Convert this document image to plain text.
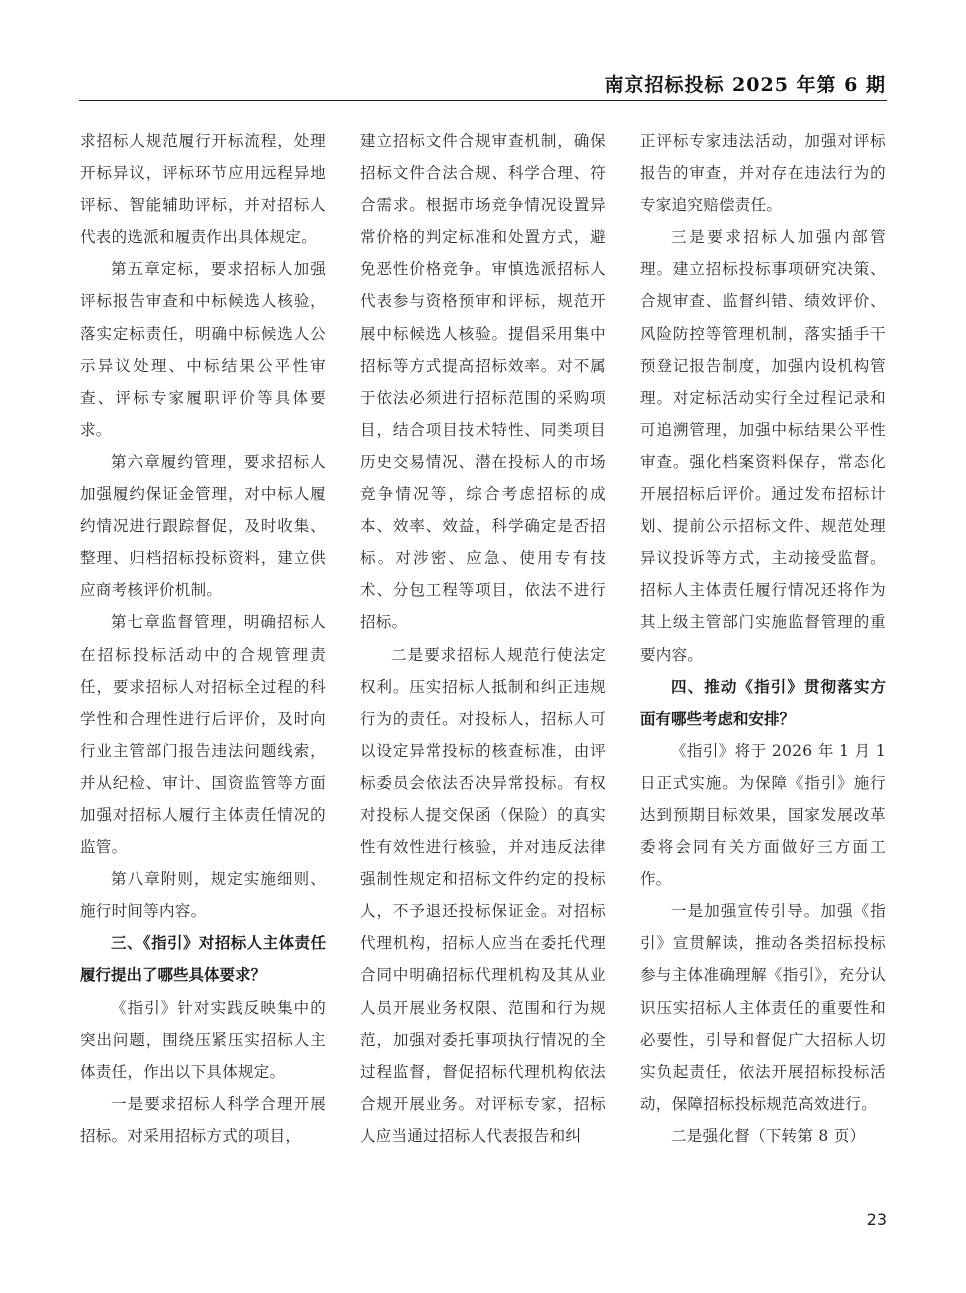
南京招标投标 2025 年第 6 期

求招标人规范履行开标流程，处理开标异议，评标环节应用远程异地评标、智能辅助评标，并对招标人代表的选派和履责作出具体规定。

第五章定标，要求招标人加强评标报告审查和中标候选人核验，落实定标责任，明确中标候选人公示异议处理、中标结果公平性审查、评标专家履职评价等具体要求。

第六章履约管理，要求招标人加强履约保证金管理，对中标人履约情况进行跟踪督促，及时收集、整理、归档招标投标资料，建立供应商考核评价机制。

第七章监督管理，明确招标人在招标投标活动中的合规管理责任，要求招标人对招标全过程的科学性和合理性进行后评价，及时向行业主管部门报告违法问题线索，并从纪检、审计、国资监管等方面加强对招标人履行主体责任情况的监管。

第八章附则，规定实施细则、施行时间等内容。

三、《指引》对招标人主体责任履行提出了哪些具体要求？

《指引》针对实践反映集中的突出问题，围绕压紧压实招标人主体责任，作出以下具体规定。

一是要求招标人科学合理开展招标。对采用招标方式的项目，

建立招标文件合规审查机制，确保招标文件合法合规、科学合理、符合需求。根据市场竞争情况设置异常价格的判定标准和处置方式，避免恶性价格竞争。审慎选派招标人代表参与资格预审和评标，规范开展中标候选人核验。提倡采用集中招标等方式提高招标效率。对不属于依法必须进行招标范围的采购项目，结合项目技术特性、同类项目历史交易情况、潜在投标人的市场竞争情况等，综合考虑招标的成本、效率、效益，科学确定是否招标。对涉密、应急、使用专有技术、分包工程等项目，依法不进行招标。

二是要求招标人规范行使法定权利。压实招标人抵制和纠正违规行为的责任。对投标人，招标人可以设定异常投标的核查标准，由评标委员会依法否决异常投标。有权对投标人提交保函（保险）的真实性有效性进行核验，并对违反法律强制性规定和招标文件约定的投标人，不予退还投标保证金。对招标代理机构，招标人应当在委托代理合同中明确招标代理机构及其从业人员开展业务权限、范围和行为规范，加强对委托事项执行情况的全过程监督，督促招标代理机构依法合规开展业务。对评标专家，招标人应当通过招标人代表报告和纠

正评标专家违法活动，加强对评标报告的审查，并对存在违法行为的专家追究赔偿责任。

三是要求招标人加强内部管理。建立招标投标事项研究决策、合规审查、监督纠错、绩效评价、风险防控等管理机制，落实插手干预登记报告制度，加强内设机构管理。对定标活动实行全过程记录和可追溯管理，加强中标结果公平性审查。强化档案资料保存，常态化开展招标后评价。通过发布招标计划、提前公示招标文件、规范处理异议投诉等方式，主动接受监督。招标人主体责任履行情况还将作为其上级主管部门实施监督管理的重要内容。

四、推动《指引》贯彻落实方面有哪些考虑和安排？

《指引》将于 2026 年 1 月 1 日正式实施。为保障《指引》施行达到预期目标效果，国家发展改革委将会同有关方面做好三方面工作。

一是加强宣传引导。加强《指引》宣贯解读，推动各类招标投标参与主体准确理解《指引》，充分认识压实招标人主体责任的重要性和必要性，引导和督促广大招标人切实负起责任，依法开展招标投标活动，保障招标投标规范高效进行。

二是强化督（下转第 8 页）

23
